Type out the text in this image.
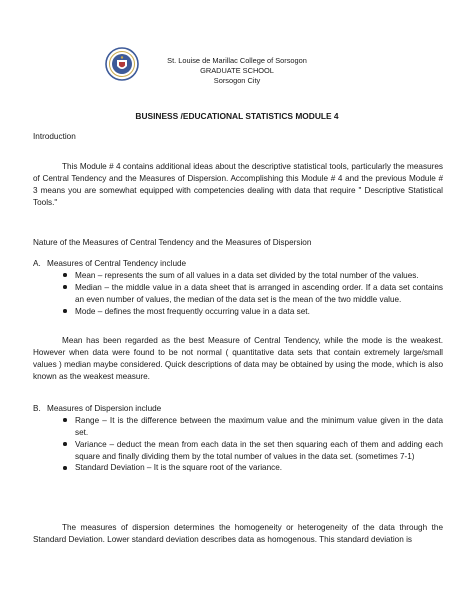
St. Louise de Marillac College of Sorsogon
GRADUATE SCHOOL
Sorsogon City
BUSINESS /EDUCATIONAL STATISTICS MODULE 4
Introduction
This Module # 4 contains additional ideas about the descriptive statistical tools, particularly the measures of Central Tendency and the Measures of Dispersion. Accomplishing this Module # 4 and the previous Module # 3 means you are somewhat equipped with competencies dealing with data that require " Descriptive Statistical Tools."
Nature of the Measures of Central Tendency and the Measures of Dispersion
A. Measures of Central Tendency include
Mean – represents the sum of all values in a data set divided by the total number of the values.
Median – the middle value in a data sheet that is arranged in ascending order. If a data set contains an even number of values, the median of the data set is the mean of the two middle value.
Mode – defines the most frequently occurring value in a data set.
Mean has been regarded as the best Measure of Central Tendency, while the mode is the weakest. However when data were found to be not normal ( quantitative data sets that contain extremely large/small values ) median maybe considered. Quick descriptions of data may be obtained by using the mode, which is also known as the weakest measure.
B. Measures of Dispersion include
Range – It is the difference between the maximum value and the minimum value given in the data set.
Variance – deduct the mean from each data in the set then squaring each of them and adding each square and finally dividing them by the total number of values in the data set. (sometimes 7-1)
Standard Deviation – It is the square root of the variance.
The measures of dispersion determines the homogeneity or heterogeneity of the data through the Standard Deviation. Lower standard deviation describes data as homogenous. This standard deviation is
